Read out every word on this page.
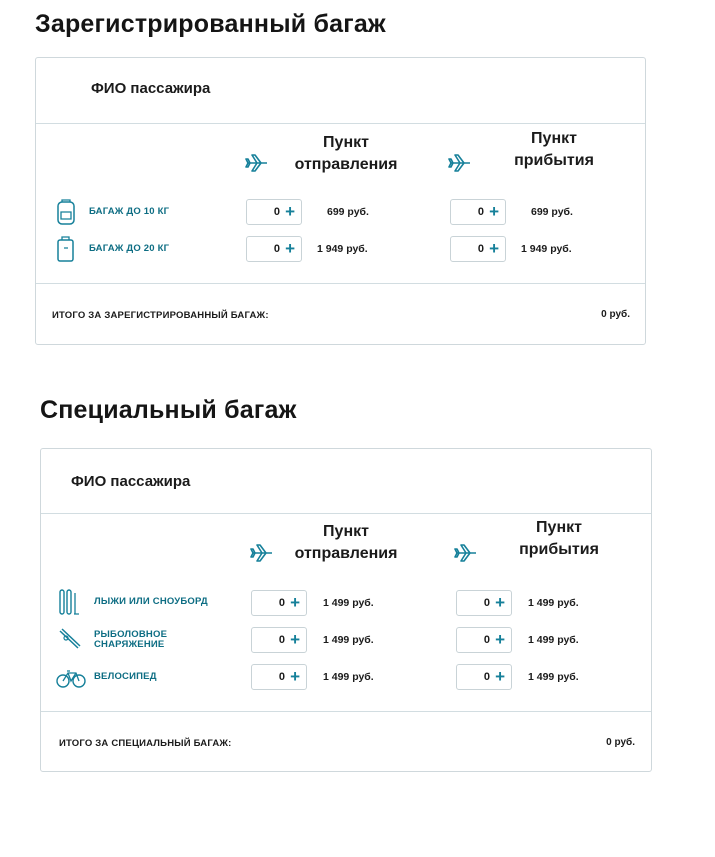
Зарегистрированный багаж
ФИО пассажира
Пункт
отправления
Пункт
прибытия
БАГАЖ ДО 10 КГ	0 +	699 руб.	0 +	699 руб.
БАГАЖ ДО 20 КГ	0 + 1 949 руб.	0 + 1 949 руб.
ИТОГО ЗА ЗАРЕГИСТРИРОВАННЫЙ БАГАЖ:	0 руб.
Специальный багаж
ФИО пассажира
Пункт
отправления
Пункт
прибытия
ЛЫЖИ ИЛИ СНОУБОРД	0 + 1 499 руб.	0 + 1 499 руб.
РЫБОЛОВНОЕ
СНАРЯЖЕНИЕ	0 + 1 499 руб.	0 + 1 499 руб.
ВЕЛОСИПЕД	0 + 1 499 руб.	0 + 1 499 руб.
ИТОГО ЗА СПЕЦИАЛЬНЫЙ БАГАЖ:	0 руб.
